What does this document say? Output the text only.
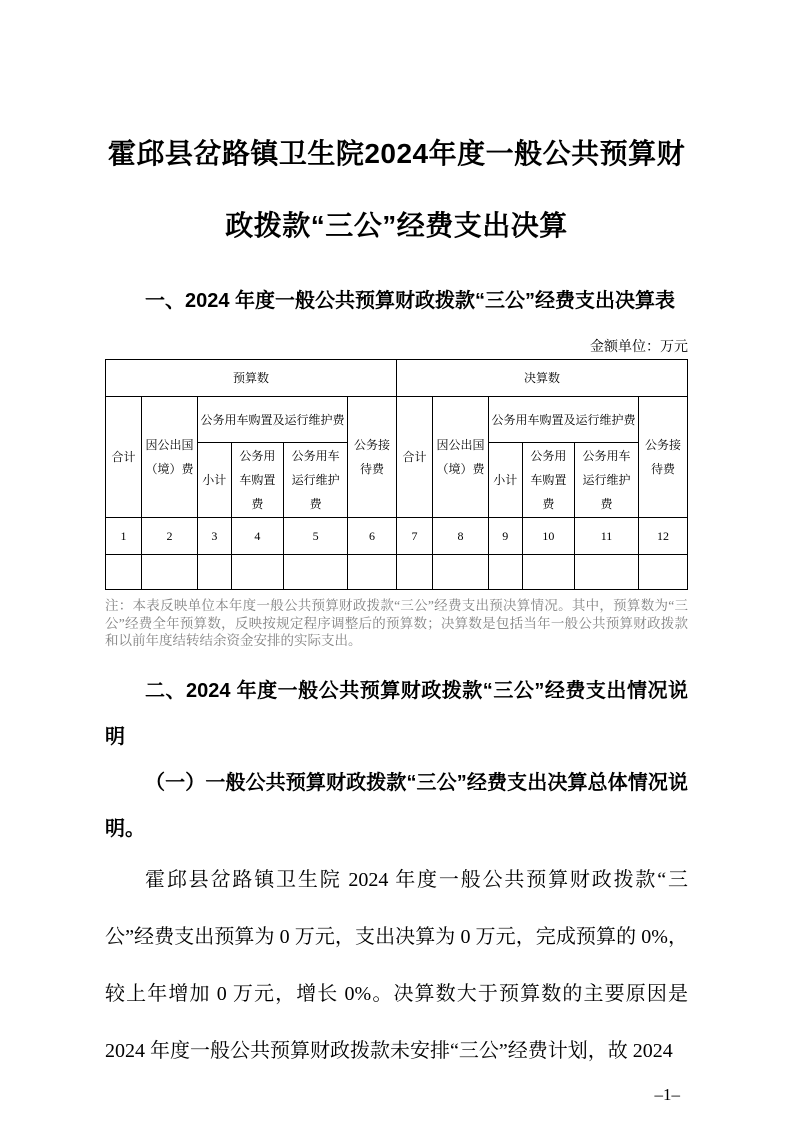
霍邱县岔路镇卫生院2024年度一般公共预算财政拨款“三公”经费支出决算

一、2024 年度一般公共预算财政拨款“三公”经费支出决算表

金额单位：万元
预算数						决算数					
合计	因公出国（境）费	公务用车购置及运行维护费			公务接待费	合计	因公出国（境）费	公务用车购置及运行维护费			公务接待费
		小计	公务用车购置费	公务用车运行维护费				小计	公务用车购置费	公务用车运行维护费	
1	2	3	4	5	6	7	8	9	10	11	12

注：本表反映单位本年度一般公共预算财政拨款“三公”经费支出预决算情况。其中，预算数为“三公”经费全年预算数，反映按规定程序调整后的预算数；决算数是包括当年一般公共预算财政拨款和以前年度结转结余资金安排的实际支出。

二、2024 年度一般公共预算财政拨款“三公”经费支出情况说明

（一）一般公共预算财政拨款“三公”经费支出决算总体情况说明。

霍邱县岔路镇卫生院 2024 年度一般公共预算财政拨款“三公”经费支出预算为 0 万元，支出决算为 0 万元，完成预算的 0%，较上年增加 0 万元，增长 0%。决算数大于预算数的主要原因是 2024 年度一般公共预算财政拨款未安排“三公”经费计划，故 2024

–1–
